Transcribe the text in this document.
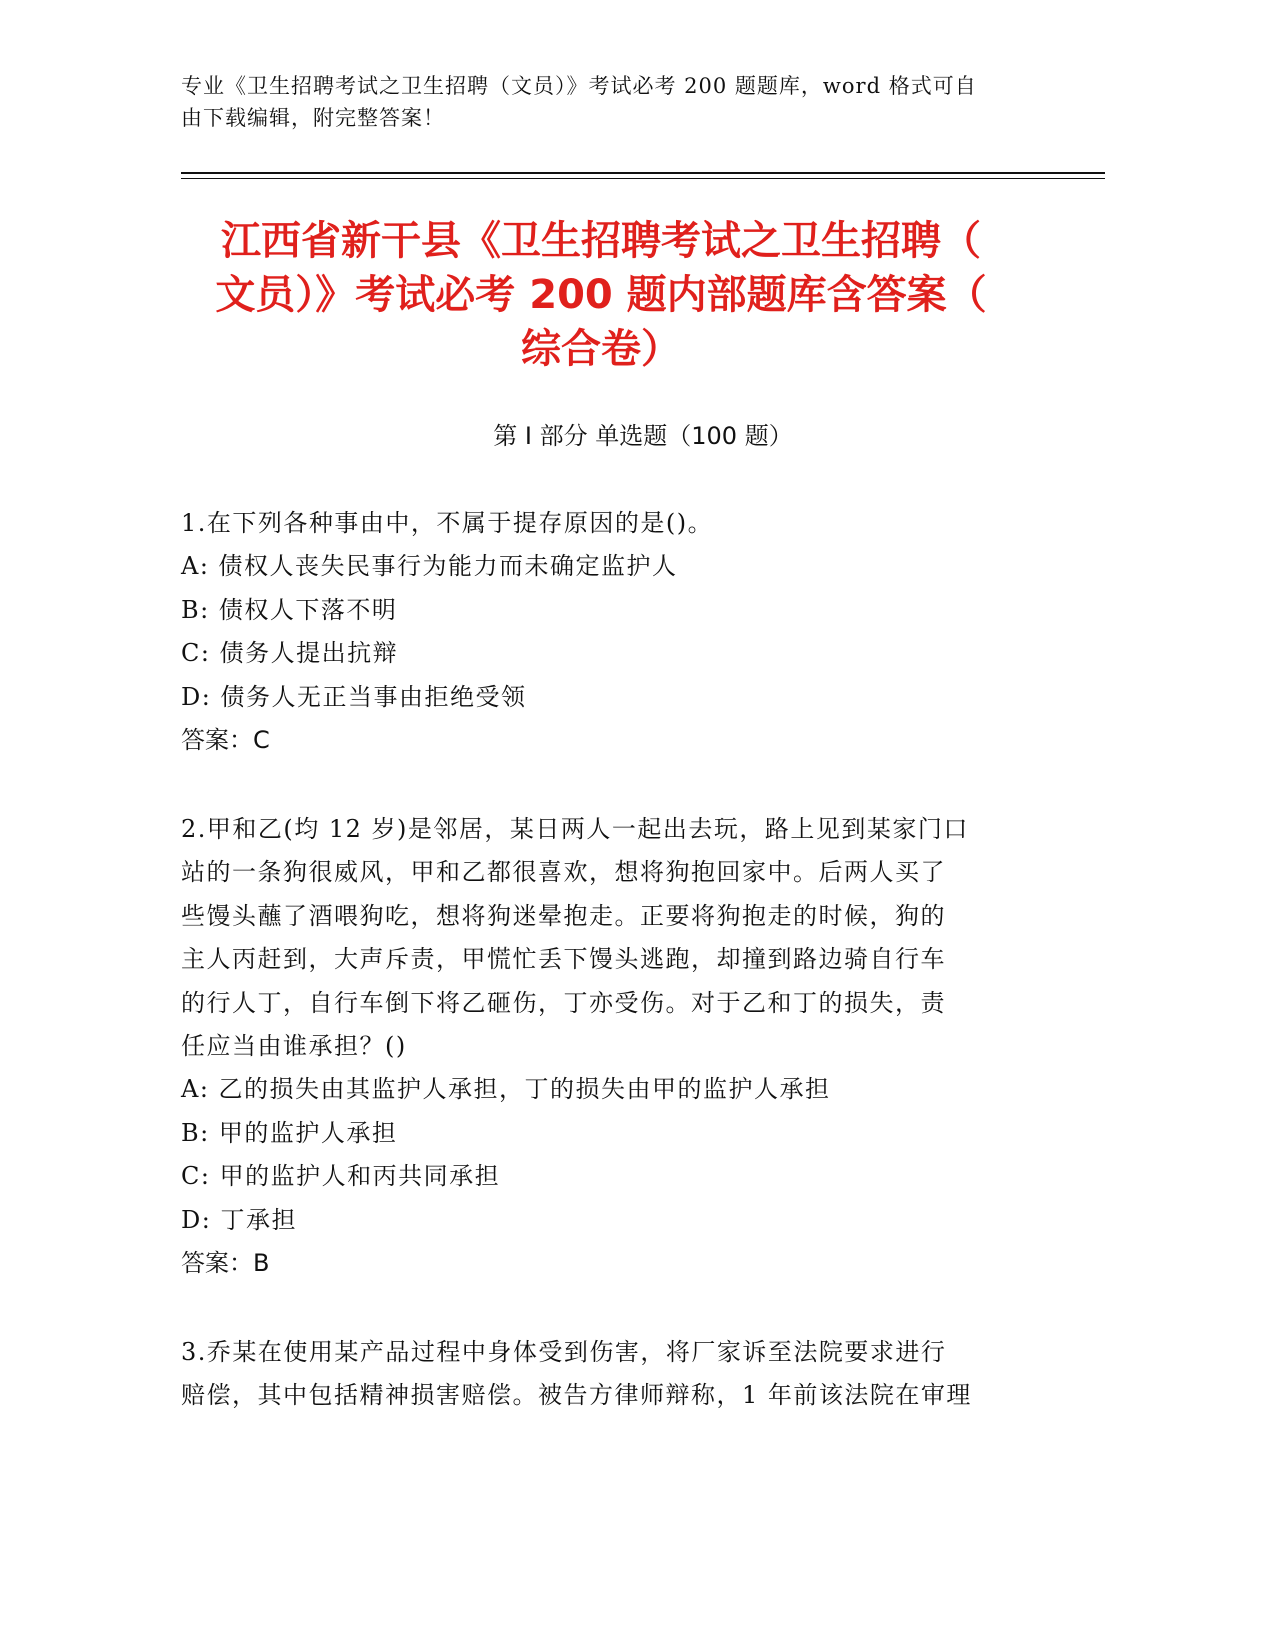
专业《卫生招聘考试之卫生招聘（文员）》考试必考 200 题题库，word 格式可自
由下载编辑，附完整答案！
江西省新干县《卫生招聘考试之卫生招聘（
文员）》考试必考 200 题内部题库含答案（
综合卷）
第 I 部分 单选题（100 题）
1.在下列各种事由中，不属于提存原因的是()。
A: 债权人丧失民事行为能力而未确定监护人
B: 债权人下落不明
C: 债务人提出抗辩
D: 债务人无正当事由拒绝受领
答案：C
2.甲和乙(均 12 岁)是邻居，某日两人一起出去玩，路上见到某家门口
站的一条狗很威风，甲和乙都很喜欢，想将狗抱回家中。后两人买了
些馒头蘸了酒喂狗吃，想将狗迷晕抱走。正要将狗抱走的时候，狗的
主人丙赶到，大声斥责，甲慌忙丢下馒头逃跑，却撞到路边骑自行车
的行人丁，自行车倒下将乙砸伤，丁亦受伤。对于乙和丁的损失，责
任应当由谁承担？()
A: 乙的损失由其监护人承担，丁的损失由甲的监护人承担
B: 甲的监护人承担
C: 甲的监护人和丙共同承担
D: 丁承担
答案：B
3.乔某在使用某产品过程中身体受到伤害，将厂家诉至法院要求进行
赔偿，其中包括精神损害赔偿。被告方律师辩称，1 年前该法院在审理
